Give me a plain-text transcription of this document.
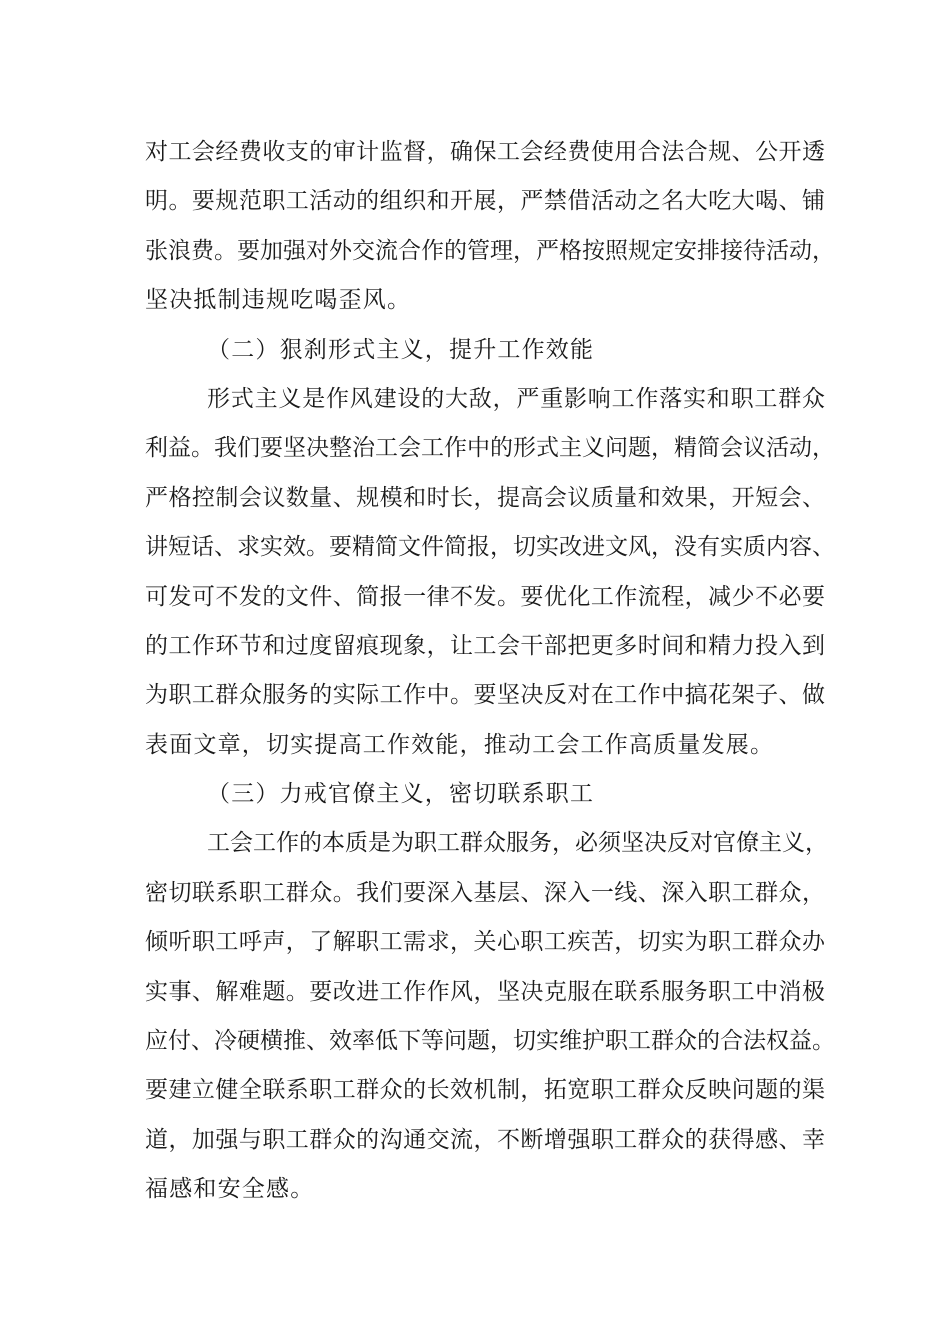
对工会经费收支的审计监督，确保工会经费使用合法合规、公开透
明。要规范职工活动的组织和开展，严禁借活动之名大吃大喝、铺
张浪费。要加强对外交流合作的管理，严格按照规定安排接待活动，
坚决抵制违规吃喝歪风。
（二）狠刹形式主义，提升工作效能
形式主义是作风建设的大敌，严重影响工作落实和职工群众
利益。我们要坚决整治工会工作中的形式主义问题，精简会议活动，
严格控制会议数量、规模和时长，提高会议质量和效果，开短会、
讲短话、求实效。要精简文件简报，切实改进文风，没有实质内容、
可发可不发的文件、简报一律不发。要优化工作流程，减少不必要
的工作环节和过度留痕现象，让工会干部把更多时间和精力投入到
为职工群众服务的实际工作中。要坚决反对在工作中搞花架子、做
表面文章，切实提高工作效能，推动工会工作高质量发展。
（三）力戒官僚主义，密切联系职工
工会工作的本质是为职工群众服务，必须坚决反对官僚主义，
密切联系职工群众。我们要深入基层、深入一线、深入职工群众，
倾听职工呼声，了解职工需求，关心职工疾苦，切实为职工群众办
实事、解难题。要改进工作作风，坚决克服在联系服务职工中消极
应付、冷硬横推、效率低下等问题，切实维护职工群众的合法权益。
要建立健全联系职工群众的长效机制，拓宽职工群众反映问题的渠
道，加强与职工群众的沟通交流，不断增强职工群众的获得感、幸
福感和安全感。
